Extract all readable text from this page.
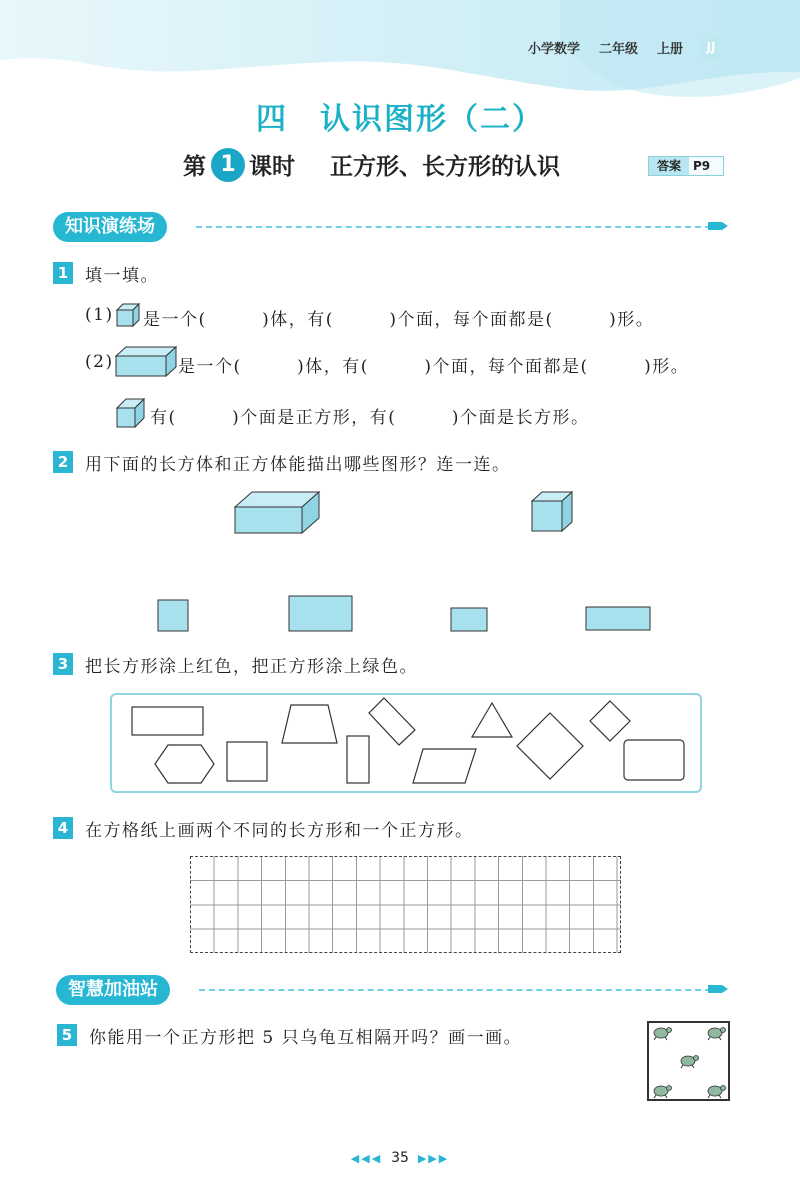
小学数学 二年级 上册	JJ
四　认识图形（二）
第 1 课时 正方形、长方形的认识	答案	P9
知识演练场
1 填一填。
(1) 是一个(　　　)体，有(　　　)个面，每个面都是(　　　)形。
(2)	是一个(　　　)体，有(　　　)个面，每个面都是(　　　)形。
有(　　　)个面是正方形，有(　　　)个面是长方形。
2 用下面的长方体和正方体能描出哪些图形？连一连。
3 把长方形涂上红色，把正方形涂上绿色。
4 在方格纸上画两个不同的长方形和一个正方形。
智慧加油站
5 你能用一个正方形把 5 只乌龟互相隔开吗？画一画。
◀◀◀ 35 ▶▶▶
